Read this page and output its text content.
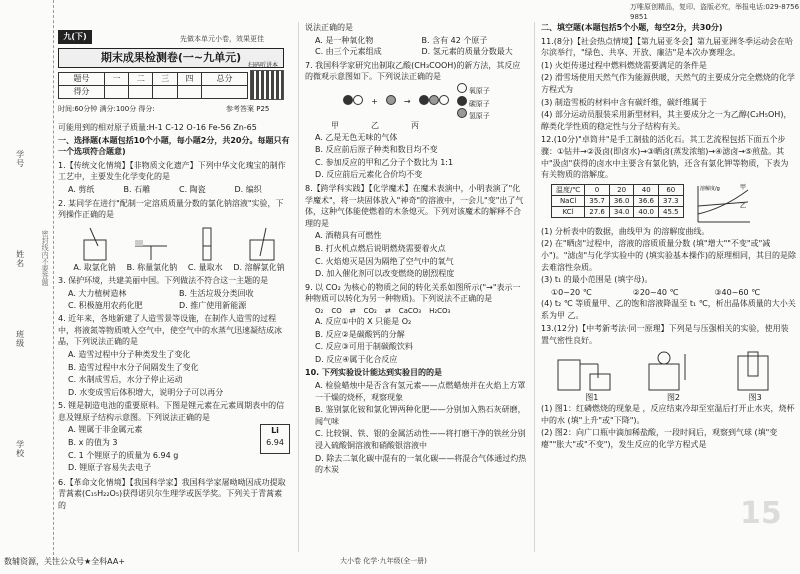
万唯原创精品，复印、盗版必究，举报电话:029-8756 9851
学号
姓名
班级
学校
密封线内不要答题
九(下)	先做本单元小卷，效果更佳
期末成果检测卷(一~九单元)
题号	一	二	三	四	总分
得分					
扫码听讲本
时间:60分钟 满分:100分 得分:	参考答案 P25

可能用到的相对原子质量:H-1 C-12 O-16 Fe-56 Zn-65

一、选择题(本题包括10个小题，每小题2分，共20分。每题只有一个选项符合题意)

1.【传统文化情境】【非物质文化遗产】下列中华文化瑰宝的制作工艺中，主要发生化学变化的是

A. 剪纸	B. 石雕	C. 陶瓷	D. 编织

2. 某同学在进行"配制一定溶质质量分数的氯化钠溶液"实验，下列操作正确的是

A. 取氯化钠 B. 称量氯化钠 C. 量取水 D. 溶解氯化钠

3. 保护环境，共建美丽中国。下列做法不符合这一主题的是

A. 大力植树造林	B. 生活垃圾分类回收
C. 积极施用农药化肥	D. 推广使用新能源

4. 近年来，各地新建了人造雪景等设施，在制作人造雪的过程中，将液氮等物质喷入空气中，使空气中的水蒸气迅速凝结成冰晶，下列说法正确的是

A. 造雪过程中分子种类发生了变化

B. 造雪过程中水分子间隔发生了变化

C. 水制成雪后，水分子停止运动

D. 水变成雪后体积增大，说明分子可以再分

5. 锂是制造电池的重要原料。下图是锂元素在元素周期表中的信息及锂原子结构示意图。下列说法正确的是

A. 锂属于非金属元素

B. x 的值为 3

C. 1 个锂原子的质量为 6.94 g

D. 锂原子容易失去电子

Li
6.94

6.【革命文化情境】【我国科学家】我国科学家屠呦呦因成功提取青蒿素(C₁₅H₂₂O₅)获得诺贝尔生理学或医学奖。下列关于青蒿素的

说法正确的是

A. 是一种氧化物	B. 含有 42 个原子
C. 由三个元素组成	D. 氢元素的质量分数最大

7. 我国科学家研究出制取乙酸(CH₃COOH)的新方法，其反应的微观示意图如下。下列说法正确的是

+	→
氧原子
碳原子
氢原子
甲	乙	丙

A. 乙是无色无味的气体

B. 反应前后原子种类和数目均不变

C. 参加反应的甲和乙分子个数比为 1:1

D. 反应前后元素化合价均不变

8.【跨学科实践】【化学魔术】在魔术表演中，小明表演了"化学魔术"，将一块固体放入"神奇"的溶液中，一会儿"变"出了气体，这种气体能使燃着的木条熄灭。下列对该魔术的解释不合理的是

A. 酒精具有可燃性

B. 打火机点燃后说明燃烧需要着火点

C. 火焰熄灭是因为隔绝了空气中的氧气

D. 加入催化剂可以改变燃烧的剧烈程度

9. 以 CO₂ 为核心的物质之间的转化关系如图所示("→"表示一种物质可以转化为另一种物质)。下列说法不正确的是

O₂ CO ⇄ CO₂ ⇄ CaCO₃ H₂CO₃

A. 反应①中的 X 只能是 O₂

B. 反应②是碳酸钙的分解

C. 反应③可用于制碳酸饮料

D. 反应④属于化合反应

10. 下列实验设计能达到实验目的的是

A. 检验蜡烛中是否含有氢元素——点燃蜡烛并在火焰上方罩一干燥的烧杯，观察现象

B. 鉴别氯化铵和氯化钾两种化肥——分别加入熟石灰研磨，闻气味

C. 比较铜、铁、银的金属活动性——将打磨干净的铁丝分别浸入硫酸铜溶液和硝酸银溶液中

D. 除去二氧化碳中混有的一氧化碳——将混合气体通过灼热的木炭

二、填空题(本题包括5个小题，每空2分，共30分)

11.(8分)【社会热点情境】【第九届亚冬会】第九届亚洲冬季运动会在哈尔滨举行，"绿色、共享、开放、廉洁"是本次办赛理念。

(1) 火炬传递过程中燃料燃烧需要满足的条件是

(2) 滑雪场使用天然气作为能源供暖，天然气的主要成分完全燃烧的化学方程式为

(3) 制造雪板的材料中含有碳纤维，碳纤维属于

(4) 部分运动员服装采用新型材料，其主要成分之一为乙醇(C₂H₅OH)，醇类化学性质的稳定性与分子结构有关。

12.(10分)"卓筒井"是手工制盐的活化石。其工艺流程包括下面五个步骤：①钻井→②汲卤(即卤水)→③晒卤(蒸发浓缩)→④滤卤→⑤煎盐。其中"汲卤"获得的卤水中主要含有氯化钠，还含有氯化钾等物质，下表为有关物质的溶解度。

温度/℃	0	20	40	60
NaCl	35.7	36.0	36.6	37.3
KCl	27.6	34.0	40.0	45.5
溶解度/g	甲
乙

(1) 分析表中的数据，曲线甲为 的溶解度曲线。

(2) 在"晒卤"过程中，溶液的溶质质量分数 (填"增大""不变"或"减小")。"滤卤"与化学实验中的 (填实验基本操作)的原理相同，其目的是除去难溶性杂质。

(3) t₁ 的最小范围是 (填字母)。

①0~20 ℃	②20~40 ℃	③40~60 ℃

(4) t₂ ℃ 等质量甲、乙的饱和溶液降温至 t₁ ℃，析出晶体质量的大小关系为甲 乙。

13.(12分)【中考新考法·同一原理】下列是与压强相关的实验，使用装置气密性良好。

图1	图2	图3

(1) 图1：红磷燃烧的现象是 ，反应结束冷却至室温后打开止水夹，烧杯中的水 (填"上升"或"下降")。

(2) 图2：向广口瓶中滴加稀盐酸，一段时间后，观察到气球 (填"变瘪""胀大"或"不变")，发生反应的化学方程式是

15
数辅资源，关注公众号★全科AA+	大小卷 化学·九年级(全一册)
